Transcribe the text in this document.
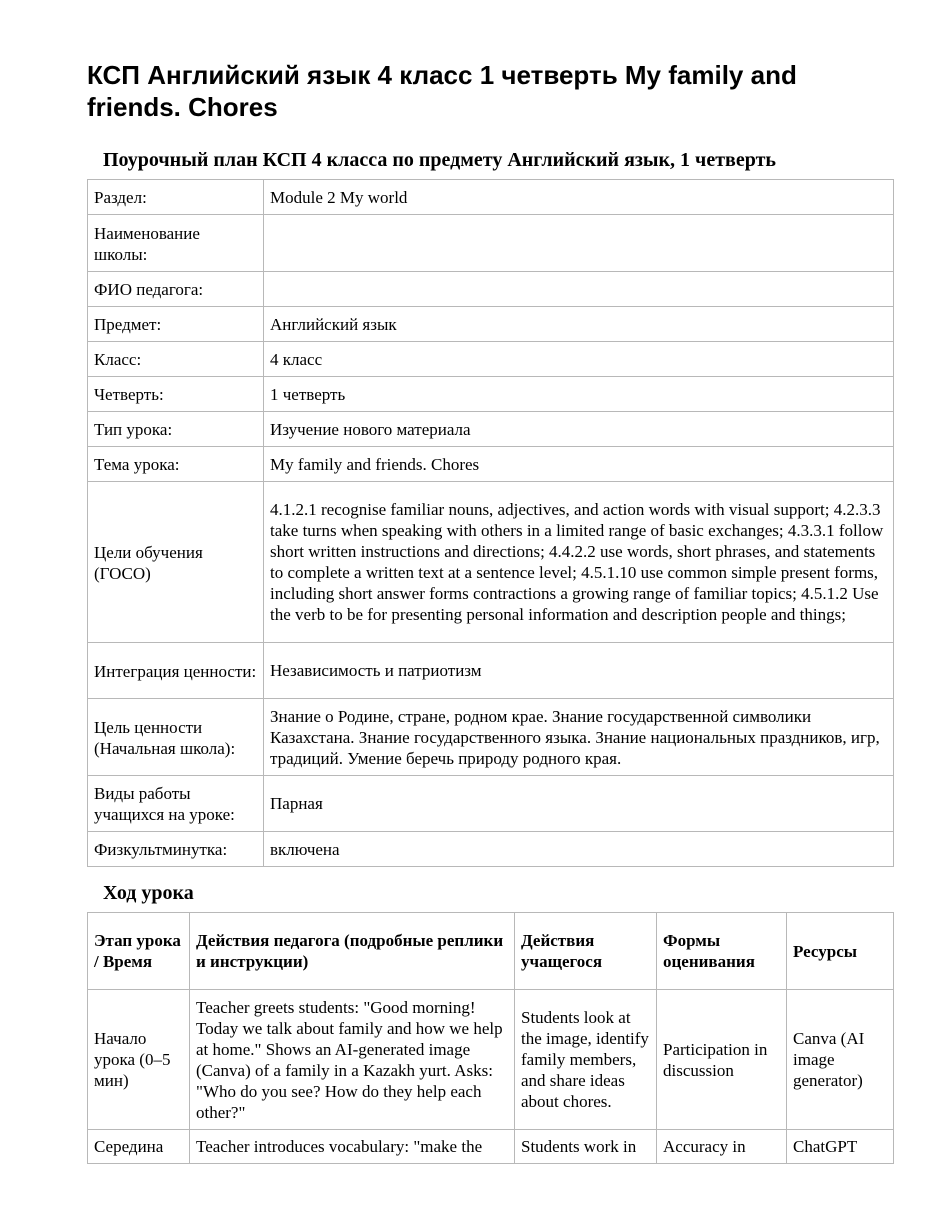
КСП Английский язык 4 класс 1 четверть My family and friends. Chores
Поурочный план КСП 4 класса по предмету Английский язык, 1 четверть
Раздел:	Module 2 My world
Наименование школы:	
ФИО педагога:	
Предмет:	Английский язык
Класс:	4 класс
Четверть:	1 четверть
Тип урока:	Изучение нового материала
Тема урока:	My family and friends. Chores
Цели обучения (ГОСО)	4.1.2.1 recognise familiar nouns, adjectives, and action words with visual support; 4.2.3.3 take turns when speaking with others in a limited range of basic exchanges; 4.3.3.1 follow short written instructions and directions; 4.4.2.2 use words, short phrases, and statements to complete a written text at a sentence level; 4.5.1.10 use common simple present forms, including short answer forms contractions a growing range of familiar topics; 4.5.1.2 Use the verb to be for presenting personal information and description people and things;
Интеграция ценности:	Независимость и патриотизм
Цель ценности (Начальная школа):	Знание о Родине, стране, родном крае. Знание государственной символики Казахстана. Знание государственного языка. Знание национальных праздников, игр, традиций. Умение беречь природу родного края.
Виды работы учащихся на уроке:	Парная
Физкультминутка:	включена
Ход урока
Этап урока / Время	Действия педагога (подробные реплики и инструкции)	Действия учащегося	Формы оценивания	Ресурсы
Начало урока (0–5 мин)	Teacher greets students: "Good morning! Today we talk about family and how we help at home." Shows an AI-generated image (Canva) of a family in a Kazakh yurt. Asks: "Who do you see? How do they help each other?"	Students look at the image, identify family members, and share ideas about chores.	Participation in discussion	Canva (AI image generator)
Середина	Teacher introduces vocabulary: "make the	Students work in	Accuracy in	ChatGPT
